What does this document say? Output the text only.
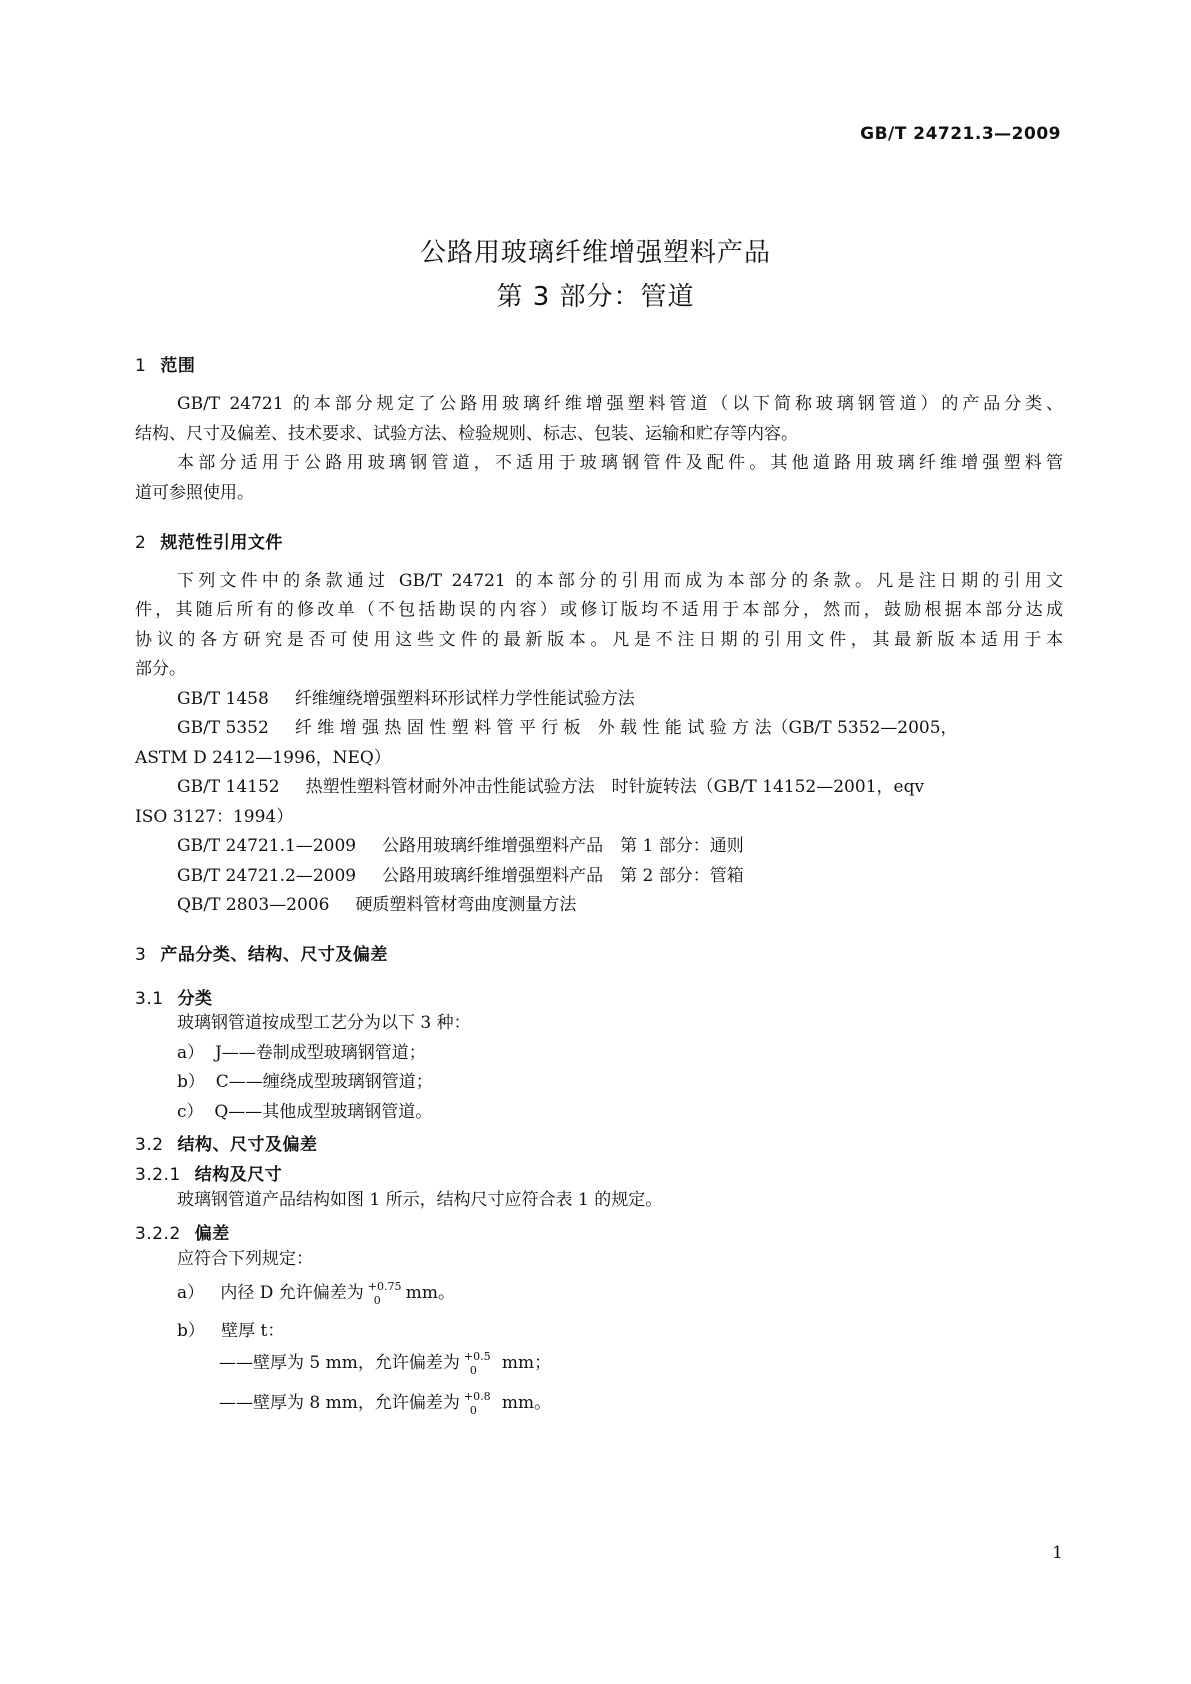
GB/T 24721.3—2009
公路用玻璃纤维增强塑料产品
第 3 部分：管道
1 范围
GB/T 24721 的本部分规定了公路用玻璃纤维增强塑料管道（以下简称玻璃钢管道）的产品分类、
结构、尺寸及偏差、技术要求、试验方法、检验规则、标志、包装、运输和贮存等内容。
本部分适用于公路用玻璃钢管道，不适用于玻璃钢管件及配件。其他道路用玻璃纤维增强塑料管
道可参照使用。
2 规范性引用文件
下列文件中的条款通过 GB/T 24721 的本部分的引用而成为本部分的条款。凡是注日期的引用文
件，其随后所有的修改单（不包括勘误的内容）或修订版均不适用于本部分，然而，鼓励根据本部分达成
协议的各方研究是否可使用这些文件的最新版本。凡是不注日期的引用文件，其最新版本适用于本
部分。
GB/T 1458 纤维缠绕增强塑料环形试样力学性能试验方法
GB/T 5352 纤 维 增 强 热 固 性 塑 料 管 平 行 板　外 载 性 能 试 验 方 法（GB/T 5352—2005，
ASTM D 2412—1996，NEQ）
GB/T 14152 热塑性塑料管材耐外冲击性能试验方法　时针旋转法（GB/T 14152—2001，eqv
ISO 3127：1994）
GB/T 24721.1—2009 公路用玻璃纤维增强塑料产品　第 1 部分：通则
GB/T 24721.2—2009 公路用玻璃纤维增强塑料产品　第 2 部分：管箱
QB/T 2803—2006 硬质塑料管材弯曲度测量方法
3 产品分类、结构、尺寸及偏差
3.1 分类
玻璃钢管道按成型工艺分为以下 3 种：
a） J——卷制成型玻璃钢管道；
b） C——缠绕成型玻璃钢管道；
c） Q——其他成型玻璃钢管道。
3.2 结构、尺寸及偏差
3.2.1 结构及尺寸
玻璃钢管道产品结构如图 1 所示，结构尺寸应符合表 1 的规定。
3.2.2 偏差
应符合下列规定：
a） 内径 D 允许偏差为 +0.75
0 mm。
b） 壁厚 t：
——壁厚为 5 mm，允许偏差为 +0.5
0 mm；
——壁厚为 8 mm，允许偏差为 +0.8
0 mm。
1
